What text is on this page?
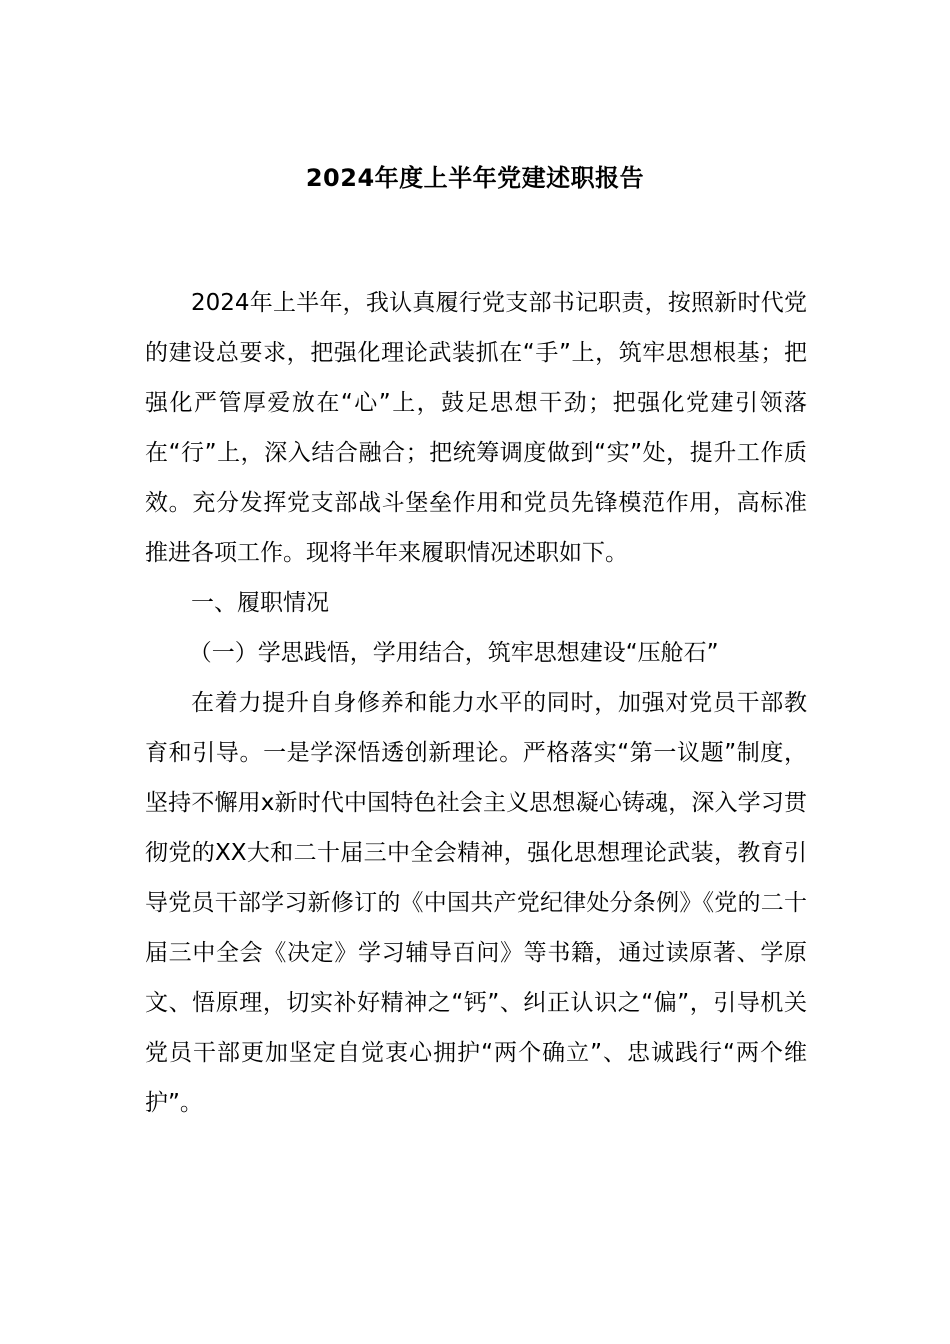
2024年度上半年党建述职报告

2024年上半年，我认真履行党支部书记职责，按照新时代党的建设总要求，把强化理论武装抓在“手”上，筑牢思想根基；把强化严管厚爱放在“心”上，鼓足思想干劲；把强化党建引领落在“行”上，深入结合融合；把统筹调度做到“实”处，提升工作质效。充分发挥党支部战斗堡垒作用和党员先锋模范作用，高标准推进各项工作。现将半年来履职情况述职如下。

一、履职情况

（一）学思践悟，学用结合，筑牢思想建设“压舱石”

在着力提升自身修养和能力水平的同时，加强对党员干部教育和引导。一是学深悟透创新理论。严格落实“第一议题”制度，坚持不懈用x新时代中国特色社会主义思想凝心铸魂，深入学习贯彻党的XX大和二十届三中全会精神，强化思想理论武装，教育引导党员干部学习新修订的《中国共产党纪律处分条例》《党的二十届三中全会《决定》学习辅导百问》等书籍，通过读原著、学原文、悟原理，切实补好精神之“钙”、纠正认识之“偏”，引导机关党员干部更加坚定自觉衷心拥护“两个确立”、忠诚践行“两个维护”。
